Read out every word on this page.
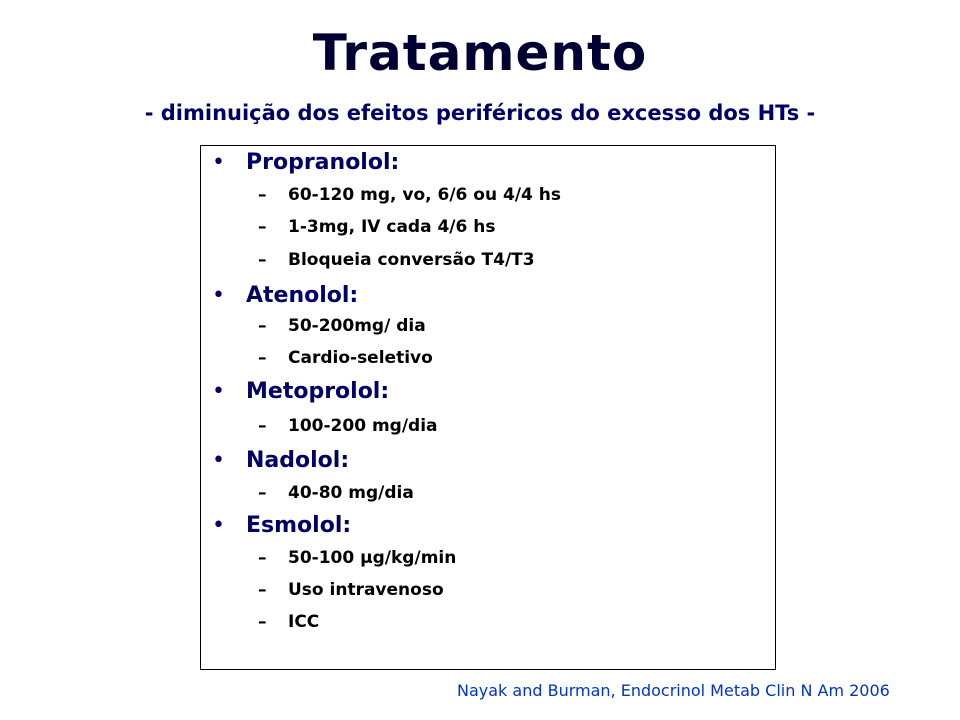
Tratamento
- diminuição dos efeitos periféricos do excesso dos HTs -
• Propranolol:
– 60-120 mg, vo, 6/6 ou 4/4 hs
– 1-3mg, IV cada 4/6 hs
– Bloqueia conversão T4/T3
• Atenolol:
– 50-200mg/ dia
– Cardio-seletivo
• Metoprolol:
– 100-200 mg/dia
• Nadolol:
– 40-80 mg/dia
• Esmolol:
– 50-100 μg/kg/min
– Uso intravenoso
– ICC
Nayak and Burman, Endocrinol Metab Clin N Am 2006
